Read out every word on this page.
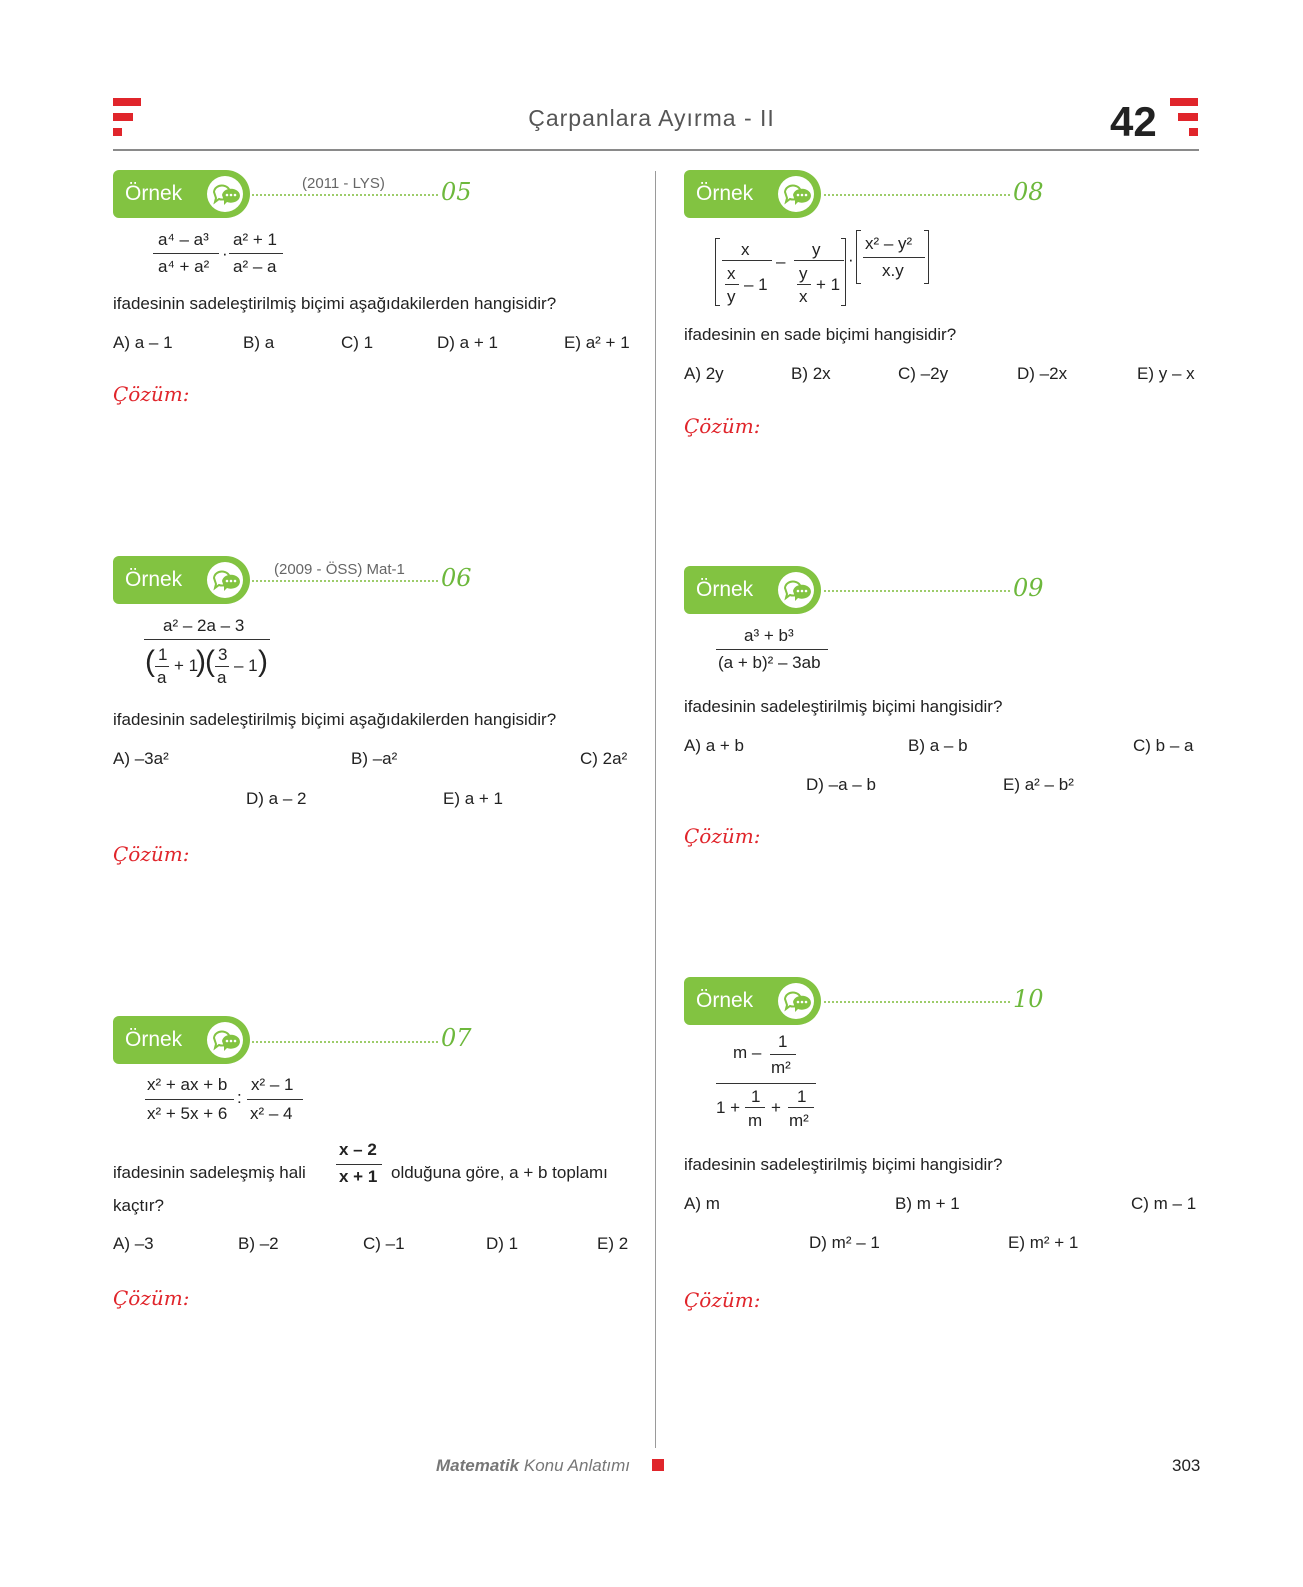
Çarpanlara Ayırma - II	42
Örnek	(2011 - LYS) 05
a⁴ – a³
a⁴ + a²
·
a² + 1
a² – a
ifadesinin sadeleştirilmiş biçimi aşağıdakilerden hangisidir?
A) a – 1	B) a	C) 1	D) a + 1	E) a² + 1
Çözüm:
Örnek	(2009 - ÖSS) Mat-1 06
a² – 2a – 3
( 1
a
+ 1
) ( 3
a
– 1 )
ifadesinin sadeleştirilmiş biçimi aşağıdakilerden hangisidir?
A) –3a²	B) –a²	C) 2a²
D) a – 2	E) a + 1
Çözüm:
Örnek	07
x² + ax + b
x² + 5x + 6
:
x² – 1
x² – 4
ifadesinin sadeleşmiş hali
x – 2
x + 1 olduğuna göre, a + b toplamı
kaçtır?
A) –3	B) –2	C) –1	D) 1	E) 2
Çözüm:
Örnek	08
x
x
y
– 1
–
y
y
x
+ 1
·
x² – y²
x.y
ifadesinin en sade biçimi hangisidir?
A) 2y	B) 2x	C) –2y	D) –2x	E) y – x
Çözüm:
Örnek	09
a³ + b³
(a + b)² – 3ab
ifadesinin sadeleştirilmiş biçimi hangisidir?
A) a + b	B) a – b	C) b – a
D) –a – b	E) a² – b²
Çözüm:
Örnek	10
m –
1
m²
1 +
1
m
+
1
m²
ifadesinin sadeleştirilmiş biçimi hangisidir?
A) m	B) m + 1	C) m – 1
D) m² – 1	E) m² + 1
Çözüm:
Matematik Konu Anlatımı	303
